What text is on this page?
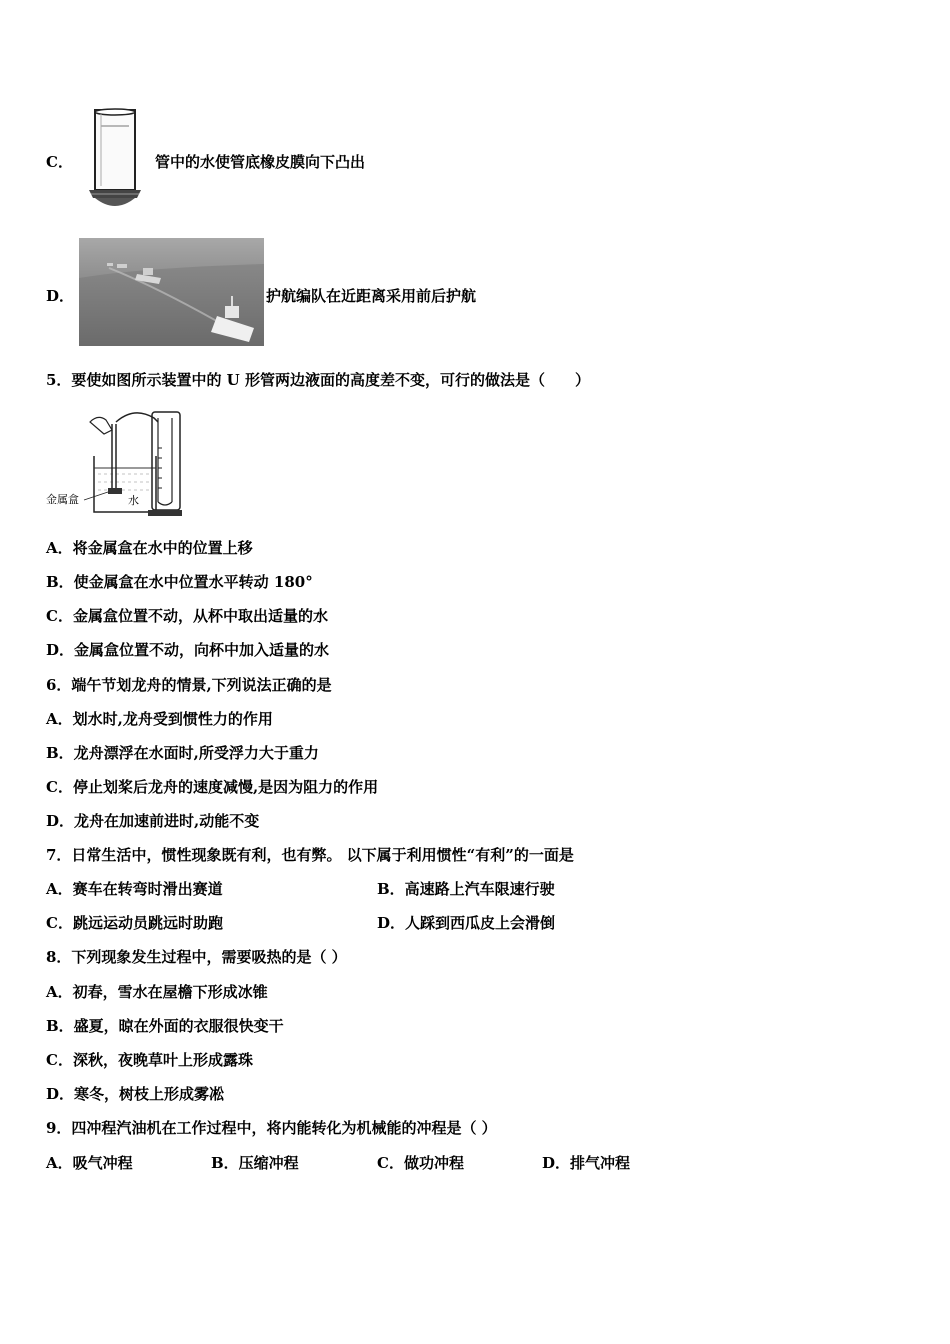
C．	管中的水使管底橡皮膜向下凸出
D．	护航编队在近距离采用前后护航
5．要使如图所示装置中的 U 形管两边液面的高度差不变，可行的做法是（　　）
金属盒	水
A．将金属盒在水中的位置上移
B．使金属盒在水中位置水平转动 180°
C．金属盒位置不动，从杯中取出适量的水
D．金属盒位置不动，向杯中加入适量的水
6．端午节划龙舟的情景,下列说法正确的是
A．划水时,龙舟受到惯性力的作用
B．龙舟漂浮在水面时,所受浮力大于重力
C．停止划桨后龙舟的速度减慢,是因为阻力的作用
D．龙舟在加速前进时,动能不变
7．日常生活中，惯性现象既有利，也有弊。 以下属于利用惯性“有利”的一面是
A．赛车在转弯时滑出赛道	B．高速路上汽车限速行驶
C．跳远运动员跳远时助跑	D．人踩到西瓜皮上会滑倒
8．下列现象发生过程中，需要吸热的是（ ）
A．初春，雪水在屋檐下形成冰锥
B．盛夏，晾在外面的衣服很快变干
C．深秋，夜晚草叶上形成露珠
D．寒冬，树枝上形成雾凇
9．四冲程汽油机在工作过程中，将内能转化为机械能的冲程是（ ）
A．吸气冲程	B．压缩冲程	C．做功冲程	D．排气冲程
